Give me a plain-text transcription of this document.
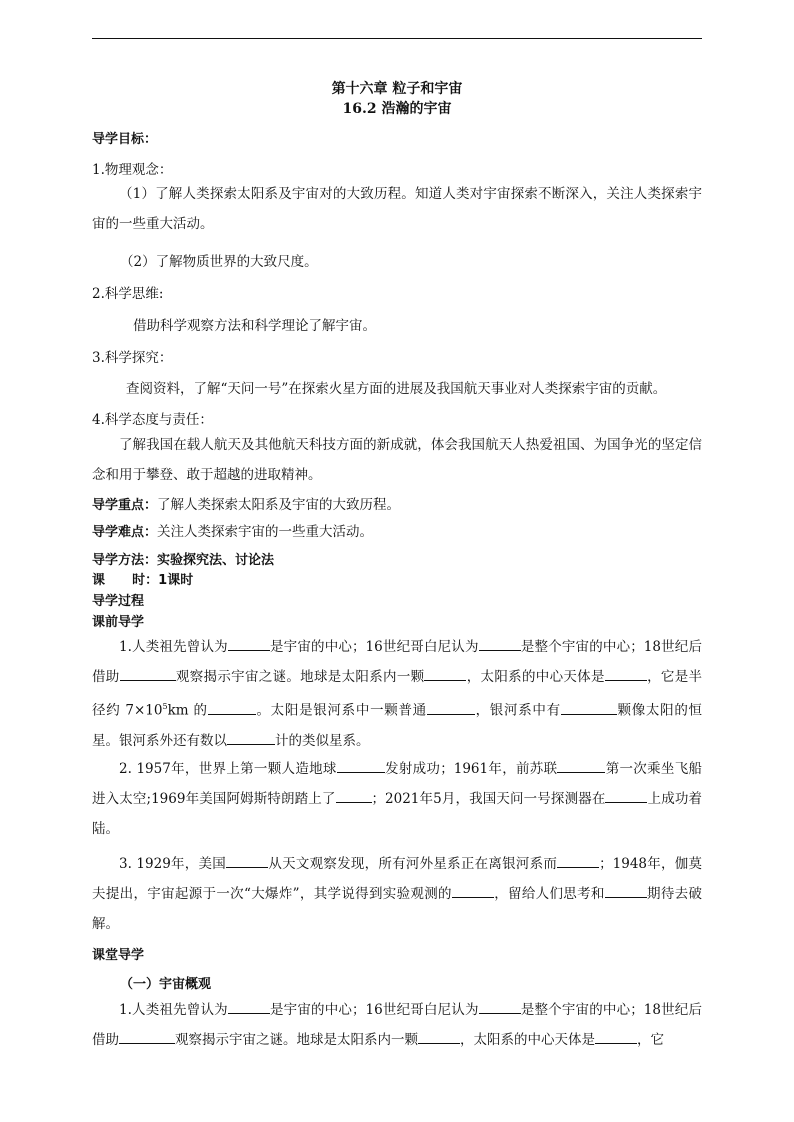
第十六章 粒子和宇宙
16.2 浩瀚的宇宙
导学目标：
1.物理观念：
（1）了解人类探索太阳系及宇宙对的大致历程。知道人类对宇宙探索不断深入，关注人类探索宇宙的一些重大活动。
（2）了解物质世界的大致尺度。
2.科学思维:
借助科学观察方法和科学理论了解宇宙。
3.科学探究：
查阅资料，了解“天问一号”在探索火星方面的进展及我国航天事业对人类探索宇宙的贡献。
4.科学态度与责任：
了解我国在载人航天及其他航天科技方面的新成就，体会我国航天人热爱祖国、为国争光的坚定信念和用于攀登、敢于超越的进取精神。
导学重点：了解人类探索太阳系及宇宙的大致历程。
导学难点：关注人类探索宇宙的一些重大活动。
导学方法：实验探究法、讨论法
课      时：1课时
导学过程
课前导学
1.人类祖先曾认为	是宇宙的中心；16世纪哥白尼认为	是整个宇宙的中心；18世纪后借助	观察揭示宇宙之谜。地球是太阳系内一颗	，太阳系的中心天体是	，它是半径约 $7\times 10^5km$ 的	。太阳是银河系中一颗普通	，银河系中有	颗像太阳的恒星。银河系外还有数以	计的类似星系。
2. 1957年，世界上第一颗人造地球	发射成功；1961年，前苏联	第一次乘坐飞船进入太空;1969年美国阿姆斯特朗踏上了	；2021年5月，我国天问一号探测器在	上成功着陆。
3. 1929年，美国	从天文观察发现，所有河外星系正在离银河系而	；1948年，伽莫夫提出，宇宙起源于一次“大爆炸”，其学说得到实验观测的	，留给人们思考和	期待去破解。
课堂导学
（一）宇宙概观
1.人类祖先曾认为	是宇宙的中心；16世纪哥白尼认为	是整个宇宙的中心；18世纪后借助	观察揭示宇宙之谜。地球是太阳系内一颗	，太阳系的中心天体是	，它
